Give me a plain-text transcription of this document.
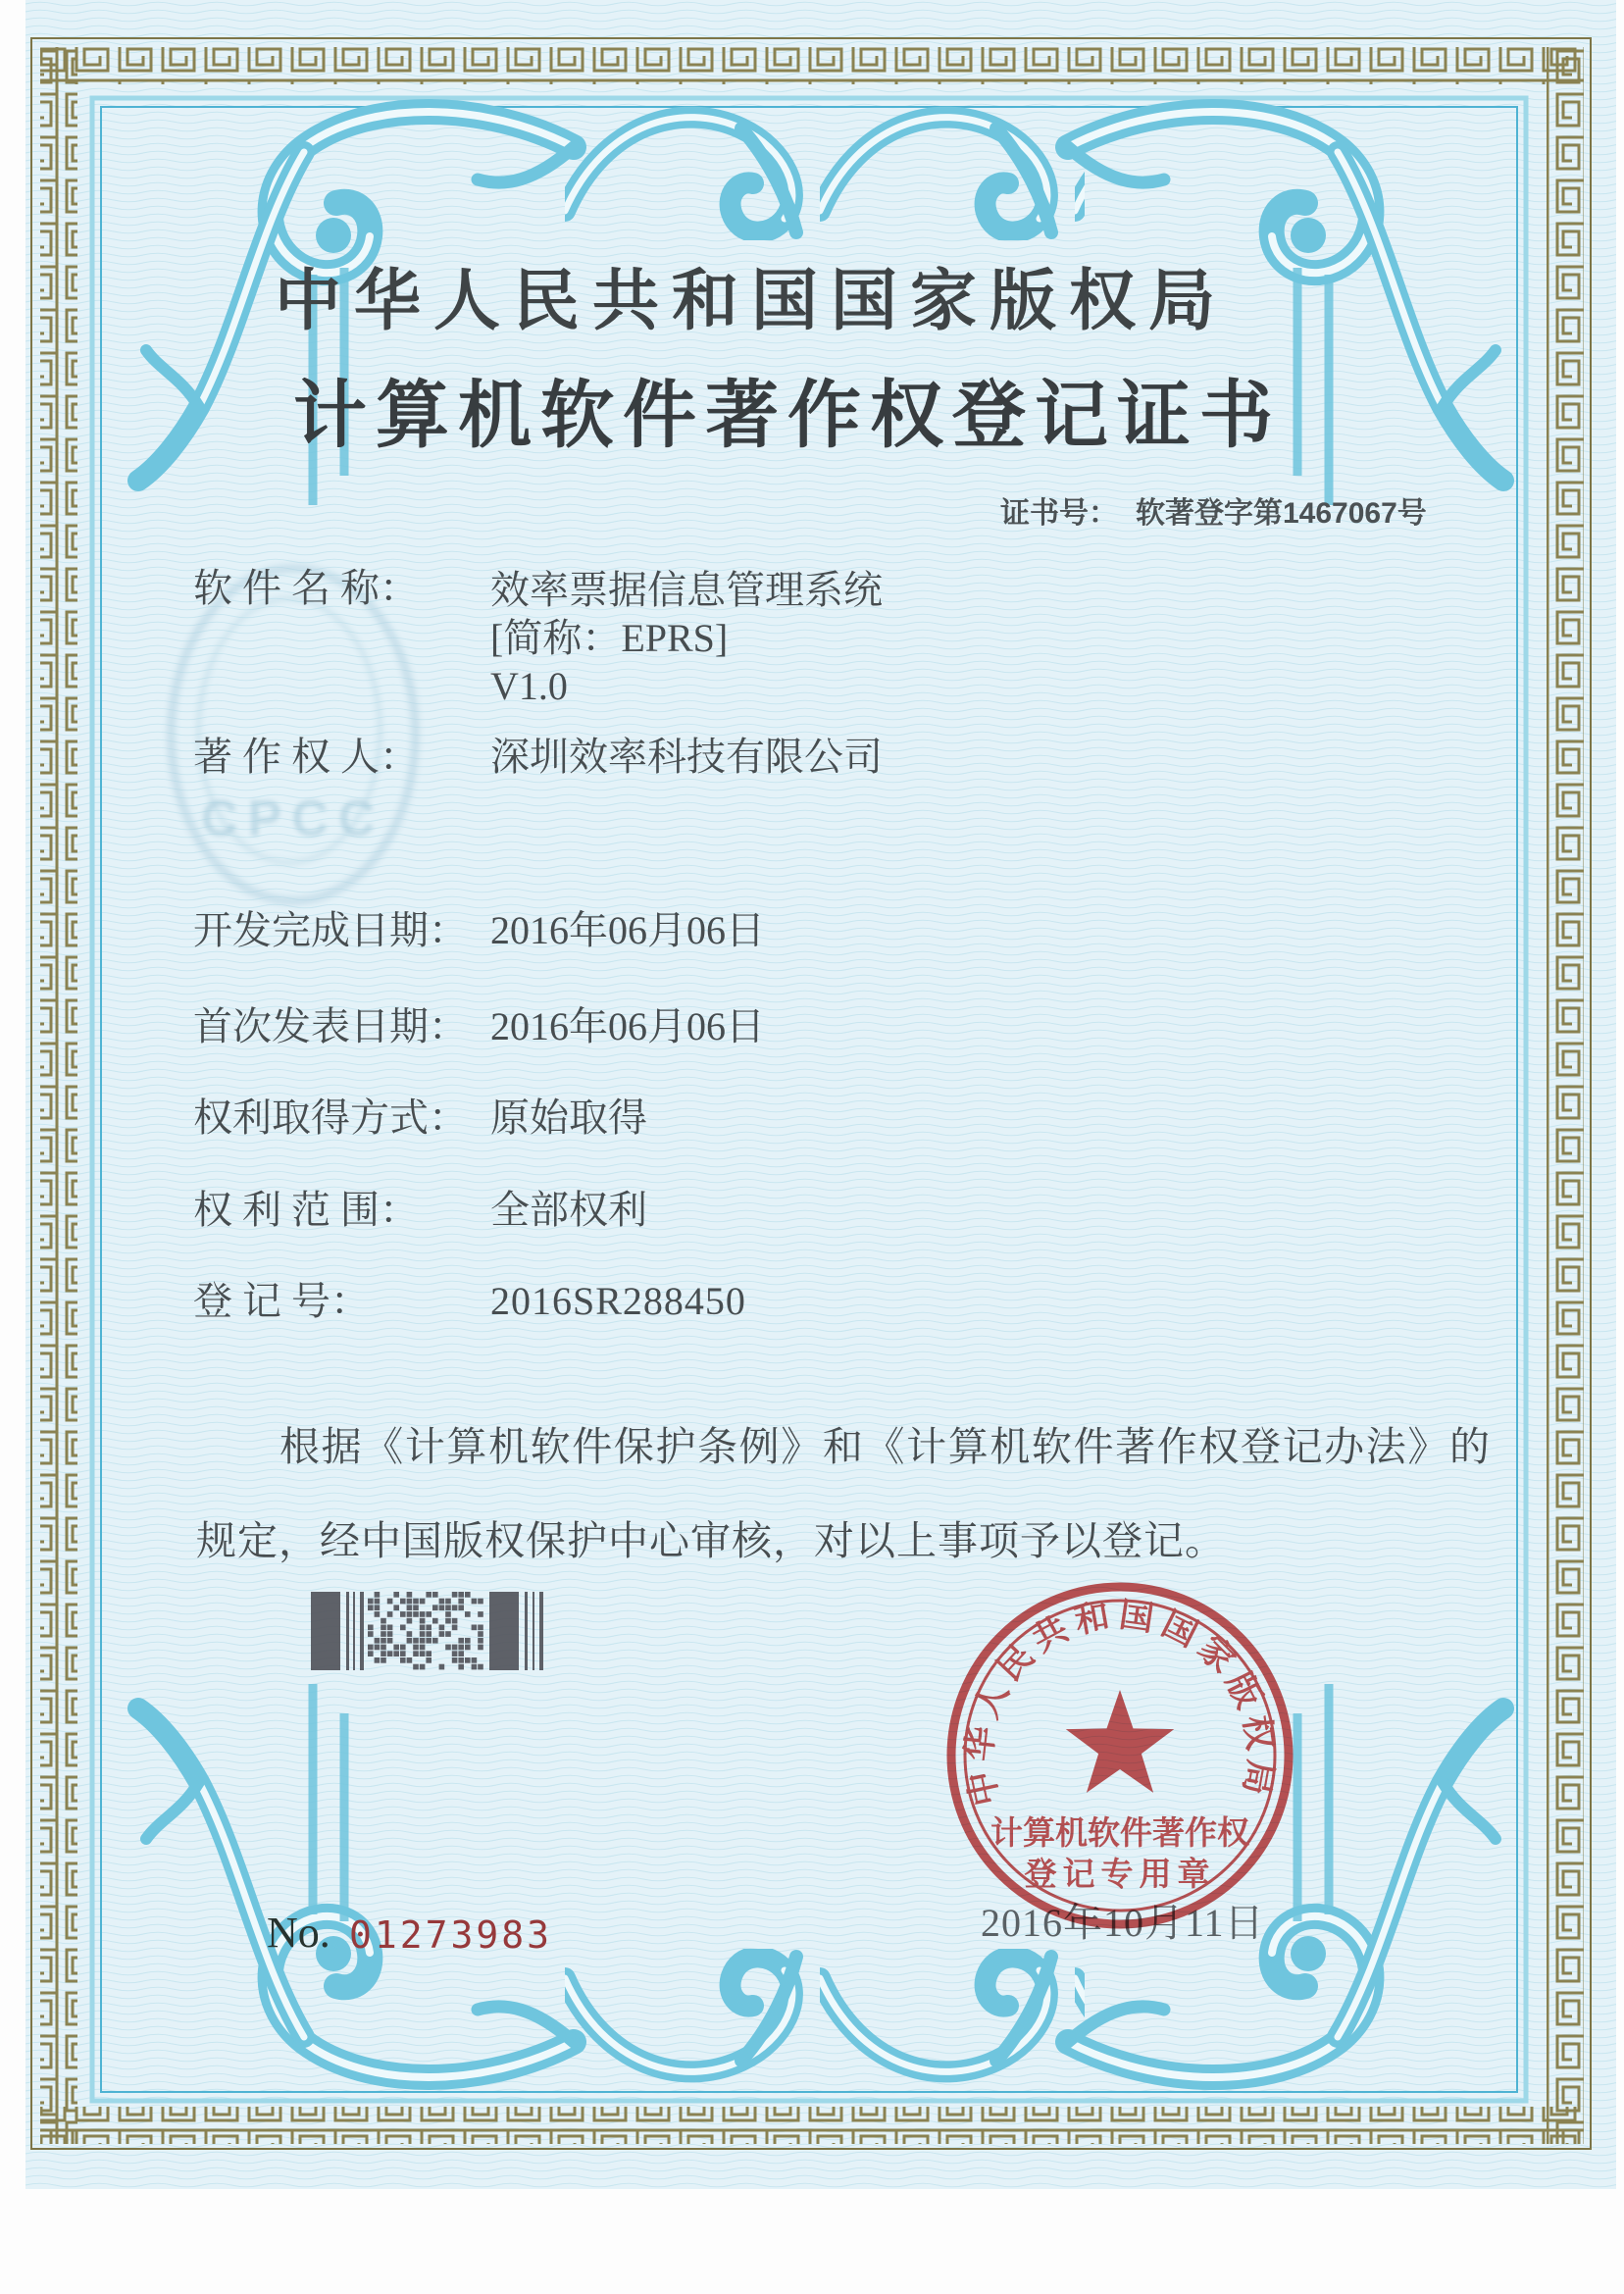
CPCC
中华人民共和国国家版权局
计算机软件著作权登记证书
证书号： 软著登字第1467067号
软 件 名 称： 效率票据信息管理系统
[简称：EPRS]
V1.0
著 作 权 人： 深圳效率科技有限公司
开发完成日期： 2016年06月06日
首次发表日期： 2016年06月06日
权利取得方式： 原始取得
权 利 范 围： 全部权利
登 记 号：	2016SR288450

根据《计算机软件保护条例》和《计算机软件著作权登记办法》的规定，经中国版权保护中心审核，对以上事项予以登记。

2016年10月11日
中华人民共和国国家版权局
计算机软件著作权
登记专用章
No. 01273983
